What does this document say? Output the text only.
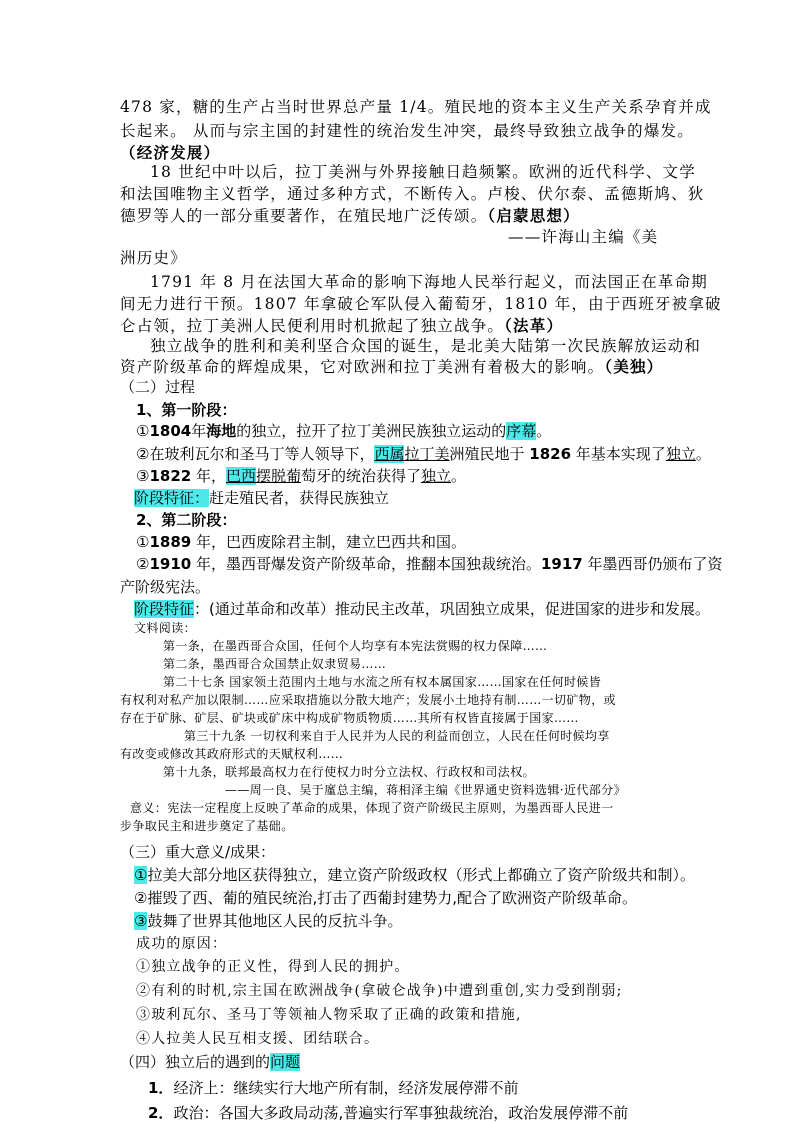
478 家，糖的生产占当时世界总产量 1/4。殖民地的资本主义生产关系孕育并成
长起来。 从而与宗主国的封建性的统治发生冲突，最终导致独立战争的爆发。
（经济发展）
18 世纪中叶以后，拉丁美洲与外界接触日趋频繁。欧洲的近代科学、文学
和法国唯物主义哲学，通过多种方式，不断传入。卢梭、伏尔泰、孟德斯鸠、狄
德罗等人的一部分重要著作，在殖民地广泛传颂。（启蒙思想）
——许海山主编《美
洲历史》
1791 年 8 月在法国大革命的影响下海地人民举行起义，而法国正在革命期
间无力进行干预。1807 年拿破仑军队侵入葡萄牙，1810 年，由于西班牙被拿破
仑占领，拉丁美洲人民便利用时机掀起了独立战争。（法革）
独立战争的胜利和美利坚合众国的诞生，是北美大陆第一次民族解放运动和
资产阶级革命的辉煌成果，它对欧洲和拉丁美洲有着极大的影响。（美独）
（二）过程
1、第一阶段：
①1804年海地的独立，拉开了拉丁美洲民族独立运动的序幕。
②在玻利瓦尔和圣马丁等人领导下，西属拉丁美洲殖民地于 1826 年基本实现了独立。
③1822 年，巴西摆脱葡萄牙的统治获得了独立。
阶段特征：赶走殖民者，获得民族独立
2、第二阶段：
①1889 年，巴西废除君主制，建立巴西共和国。
②1910 年，墨西哥爆发资产阶级革命，推翻本国独裁统治。1917 年墨西哥仍颁布了资
产阶级宪法。
阶段特征：(通过革命和改革）推动民主改革，巩固独立成果，促进国家的进步和发展。
文料阅读：
第一条，在墨西哥合众国，任何个人均享有本宪法赏赐的权力保障……
第二条，墨西哥合众国禁止奴隶贸易……
第二十七条 国家领土范围内土地与水流之所有权本属国家……国家在任何时候皆
有权利对私产加以限制……应采取措施以分散大地产；发展小土地持有制……一切矿物，或
存在于矿脉、矿层、矿块或矿床中构成矿物质物质……其所有权皆直接属于国家……
第三十九条 一切权利来自于人民并为人民的利益而创立，人民在任何时候均享
有改变或修改其政府形式的天赋权利……
第十九条，联邦最高权力在行使权力时分立法权、行政权和司法权。
——周一良、吴于廑总主编，蒋相泽主编《世界通史资料选辑·近代部分》
意义：宪法一定程度上反映了革命的成果，体现了资产阶级民主原则，为墨西哥人民进一
步争取民主和进步奠定了基础。
（三）重大意义/成果：
①拉美大部分地区获得独立，建立资产阶级政权（形式上都确立了资产阶级共和制）。
②摧毁了西、葡的殖民统治,打击了西葡封建势力,配合了欧洲资产阶级革命。
③鼓舞了世界其他地区人民的反抗斗争。
成功的原因：
①独立战争的正义性，得到人民的拥护。
②有利的时机,宗主国在欧洲战争(拿破仑战争)中遭到重创,实力受到削弱;
③玻利瓦尔、圣马丁等领袖人物采取了正确的政策和措施,
④人拉美人民互相支援、团结联合。
（四）独立后的遇到的问题
1．经济上：继续实行大地产所有制，经济发展停滞不前
2．政治：各国大多政局动荡,普遍实行军事独裁统治，政治发展停滞不前
